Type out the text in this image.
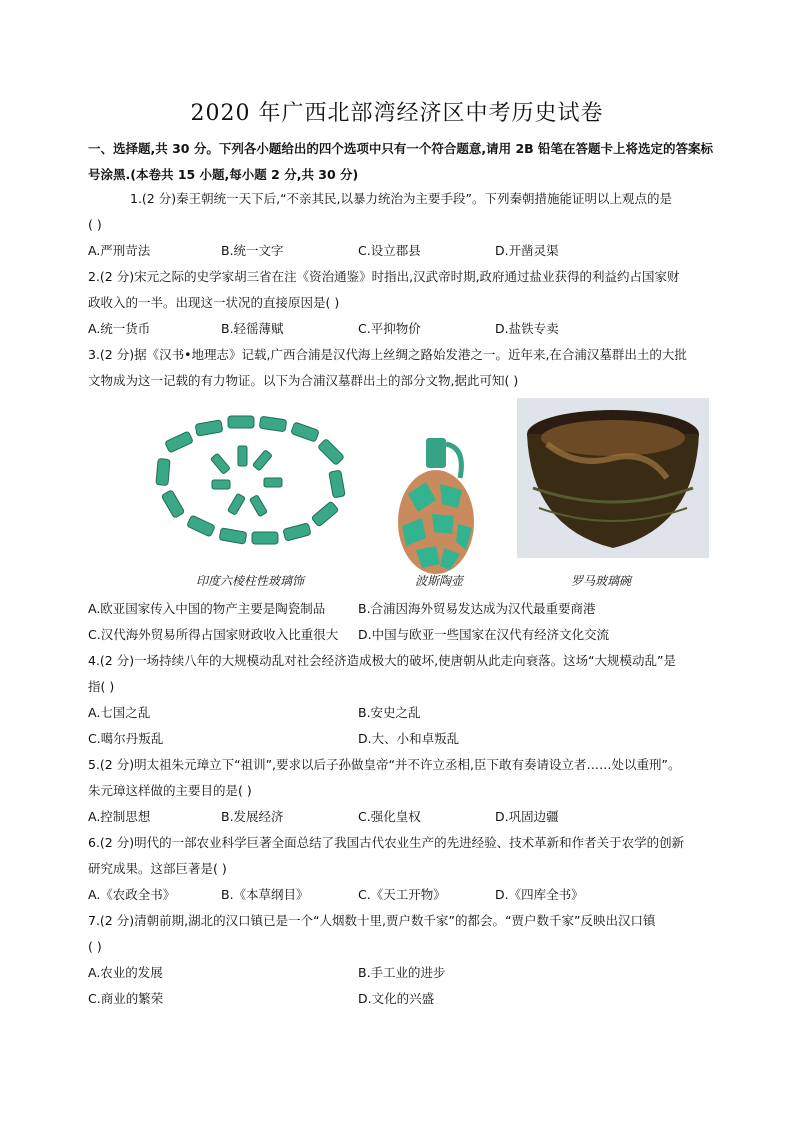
2020 年广西北部湾经济区中考历史试卷
一、选择题,共 30 分。下列各小题给出的四个选项中只有一个符合题意,请用 2B 铅笔在答题卡上将选定的答案标号涂黑.(本卷共 15 小题,每小题 2 分,共 30 分)
1.(2 分)秦王朝统一天下后,“不亲其民,以暴力统治为主要手段”。下列秦朝措施能证明以上观点的是
( )
A.严刑苛法	B.统一文字	C.设立郡县	D.开凿灵渠
2.(2 分)宋元之际的史学家胡三省在注《资治通鉴》时指出,汉武帝时期,政府通过盐业获得的利益约占国家财
政收入的一半。出现这一状况的直接原因是( )
A.统一货币	B.轻徭薄赋	C.平抑物价	D.盐铁专卖
3.(2 分)据《汉书•地理志》记载,广西合浦是汉代海上丝绸之路始发港之一。近年来,在合浦汉墓群出土的大批
文物成为这一记载的有力物证。以下为合浦汉墓群出土的部分文物,据此可知( )
印度六棱柱性玻璃饰	波斯陶壶	罗马玻璃碗
A.欧亚国家传入中国的物产主要是陶瓷制品	B.合浦因海外贸易发达成为汉代最重要商港
C.汉代海外贸易所得占国家财政收入比重很大 D.中国与欧亚一些国家在汉代有经济文化交流
4.(2 分)一场持续八年的大规模动乱对社会经济造成极大的破坏,使唐朝从此走向衰落。这场“大规模动乱”是
指( )
A.七国之乱	B.安史之乱
C.噶尔丹叛乱	D.大、小和卓叛乱
5.(2 分)明太祖朱元璋立下“祖训”,要求以后子孙做皇帝“并不许立丞相,臣下敢有奏请设立者……处以重刑”。
朱元璋这样做的主要目的是( )
A.控制思想	B.发展经济	C.强化皇权	D.巩固边疆
6.(2 分)明代的一部农业科学巨著全面总结了我国古代农业生产的先进经验、技术革新和作者关于农学的创新
研究成果。这部巨著是( )
A.《农政全书》	B.《本草纲目》	C.《天工开物》	D.《四库全书》
7.(2 分)清朝前期,湖北的汉口镇已是一个“人烟数十里,贾户数千家”的都会。“贾户数千家”反映出汉口镇
( )
A.农业的发展	B.手工业的进步
C.商业的繁荣	D.文化的兴盛
